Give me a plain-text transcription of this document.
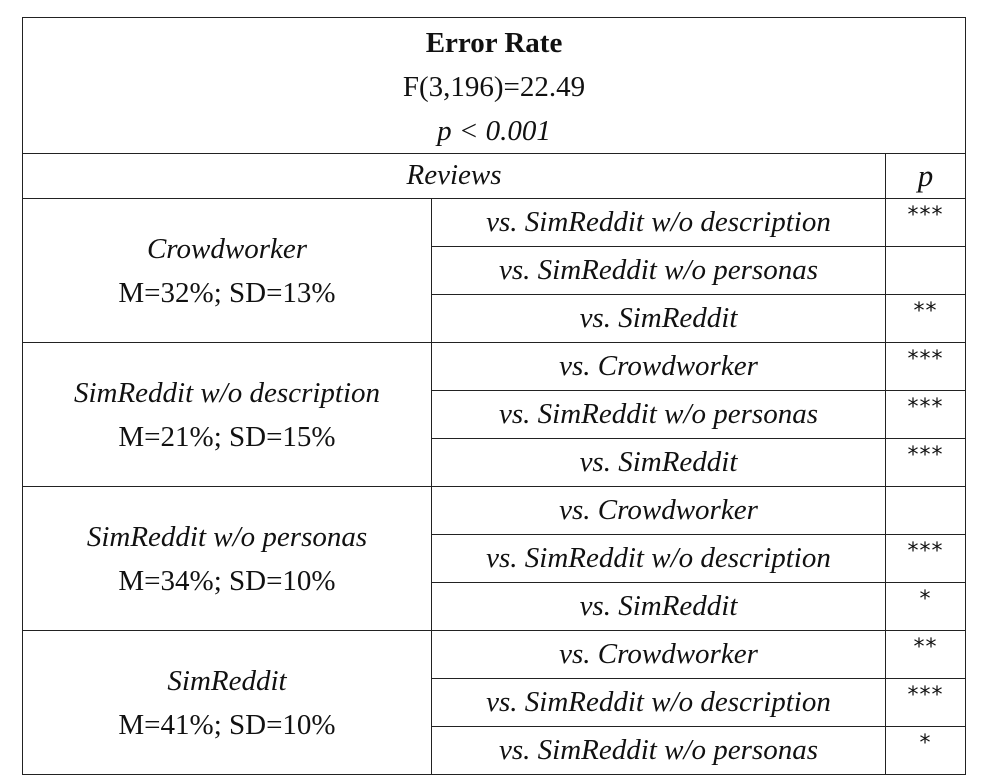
Error Rate
F(3,196)=22.49
p < 0.001		

Reviews		p

Crowdworker
M=32%; SD=13%	vs. SimReddit w/o description	***
	vs. SimReddit w/o personas	
	vs. SimReddit	**

SimReddit w/o description
M=21%; SD=15%	vs. Crowdworker	***
	vs. SimReddit w/o personas	***
	vs. SimReddit	***

SimReddit w/o personas
M=34%; SD=10%	vs. Crowdworker	
	vs. SimReddit w/o description	***
	vs. SimReddit	*

SimReddit
M=41%; SD=10%	vs. Crowdworker	**
	vs. SimReddit w/o description	***
	vs. SimReddit w/o personas	*
